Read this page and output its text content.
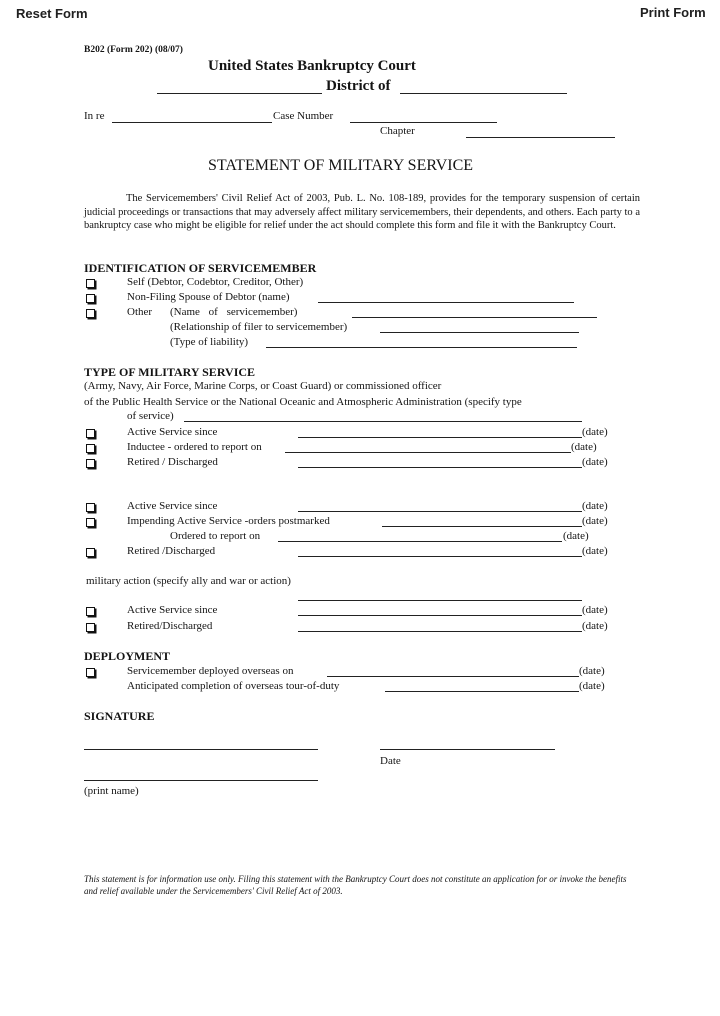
Reset Form	Print Form
B202 (Form 202) (08/07)
United States Bankruptcy Court
District of
In re	Case Number
Chapter
STATEMENT OF MILITARY SERVICE
The Servicemembers' Civil Relief Act of 2003, Pub. L. No. 108-189, provides for the temporary suspension of certain judicial proceedings or transactions that may adversely affect military servicemembers, their dependents, and others. Each party to a bankruptcy case who might be eligible for relief under the act should complete this form and file it with the Bankruptcy Court.
IDENTIFICATION OF SERVICEMEMBER
Self (Debtor, Codebtor, Creditor, Other)
Non-Filing Spouse of Debtor (name)
Other (Name of servicemember)
(Relationship of filer to servicemember)
(Type of liability)
TYPE OF MILITARY SERVICE
(Army, Navy, Air Force, Marine Corps, or Coast Guard) or commissioned officer
of the Public Health Service or the National Oceanic and Atmospheric Administration (specify type
of service)
Active Service since	(date)
Inductee - ordered to report on	(date)
Retired / Discharged	(date)
Active Service since	(date)
Impending Active Service -orders postmarked	(date)
Ordered to report on	(date)
Retired /Discharged	(date)
military action (specify ally and war or action)
Active Service since	(date)
Retired/Discharged	(date)
DEPLOYMENT
Servicemember deployed overseas on	(date)
Anticipated completion of overseas tour-of-duty	(date)
SIGNATURE
Date
(print name)
This statement is for information use only. Filing this statement with the Bankruptcy Court does not constitute an application for or invoke the benefits and relief available under the Servicemembers' Civil Relief Act of 2003.
